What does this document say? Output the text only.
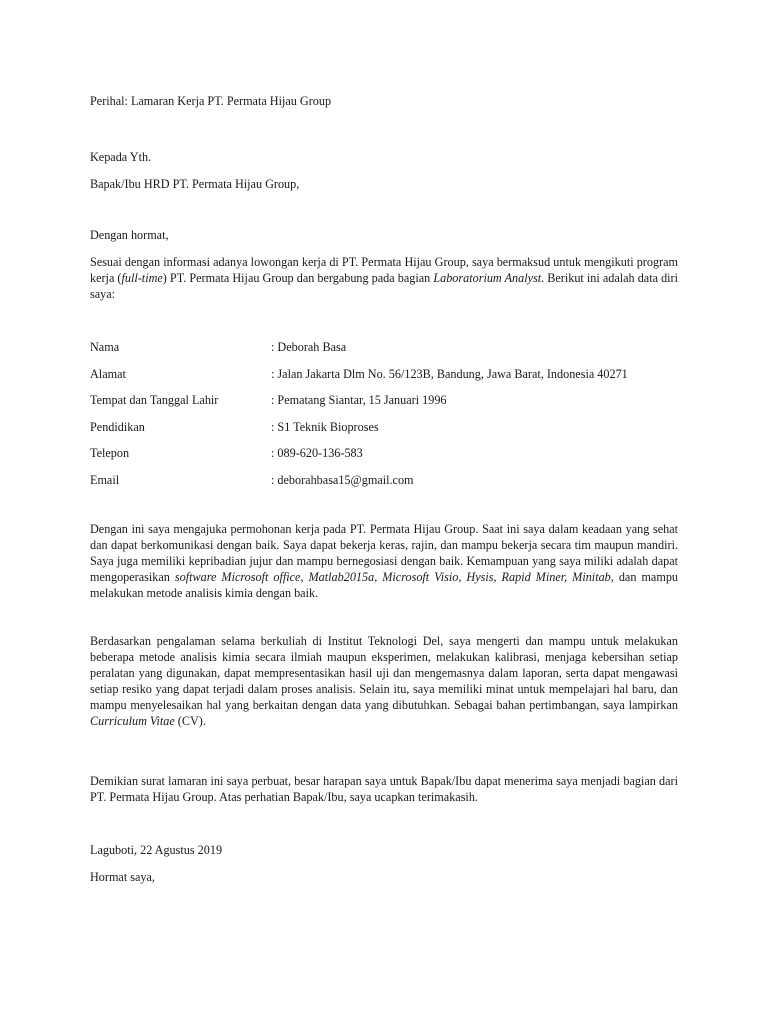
Perihal: Lamaran Kerja PT. Permata Hijau Group

Kepada Yth.

Bapak/Ibu HRD PT. Permata Hijau Group,

Dengan hormat,

Sesuai dengan informasi adanya lowongan kerja di PT. Permata Hijau Group, saya bermaksud untuk mengikuti program kerja (full-time) PT. Permata Hijau Group dan bergabung pada bagian Laboratorium Analyst. Berikut ini adalah data diri saya:

Nama	: Deborah Basa
Alamat	: Jalan Jakarta Dlm No. 56/123B, Bandung, Jawa Barat, Indonesia 40271
Tempat dan Tanggal Lahir	: Pematang Siantar, 15 Januari 1996
Pendidikan	: S1 Teknik Bioproses
Telepon	: 089-620-136-583
Email	: deborahbasa15@gmail.com

Dengan ini saya mengajuka permohonan kerja pada PT. Permata Hijau Group. Saat ini saya dalam keadaan yang sehat dan dapat berkomunikasi dengan baik. Saya dapat bekerja keras, rajin, dan mampu bekerja secara tim maupun mandiri. Saya juga memiliki kepribadian jujur dan mampu bernegosiasi dengan baik. Kemampuan yang saya miliki adalah dapat mengoperasikan software Microsoft office, Matlab2015a, Microsoft Visio, Hysis, Rapid Miner, Minitab, dan mampu melakukan metode analisis kimia dengan baik.

Berdasarkan pengalaman selama berkuliah di Institut Teknologi Del, saya mengerti dan mampu untuk melakukan beberapa metode analisis kimia secara ilmiah maupun eksperimen, melakukan kalibrasi, menjaga kebersihan setiap peralatan yang digunakan, dapat mempresentasikan hasil uji dan mengemasnya dalam laporan, serta dapat mengawasi setiap resiko yang dapat terjadi dalam proses analisis. Selain itu, saya memiliki minat untuk mempelajari hal baru, dan mampu menyelesaikan hal yang berkaitan dengan data yang dibutuhkan. Sebagai bahan pertimbangan, saya lampirkan Curriculum Vitae (CV).

Demikian surat lamaran ini saya perbuat, besar harapan saya untuk Bapak/Ibu dapat menerima saya menjadi bagian dari PT. Permata Hijau Group. Atas perhatian Bapak/Ibu, saya ucapkan terimakasih.

Laguboti, 22 Agustus 2019

Hormat saya,
